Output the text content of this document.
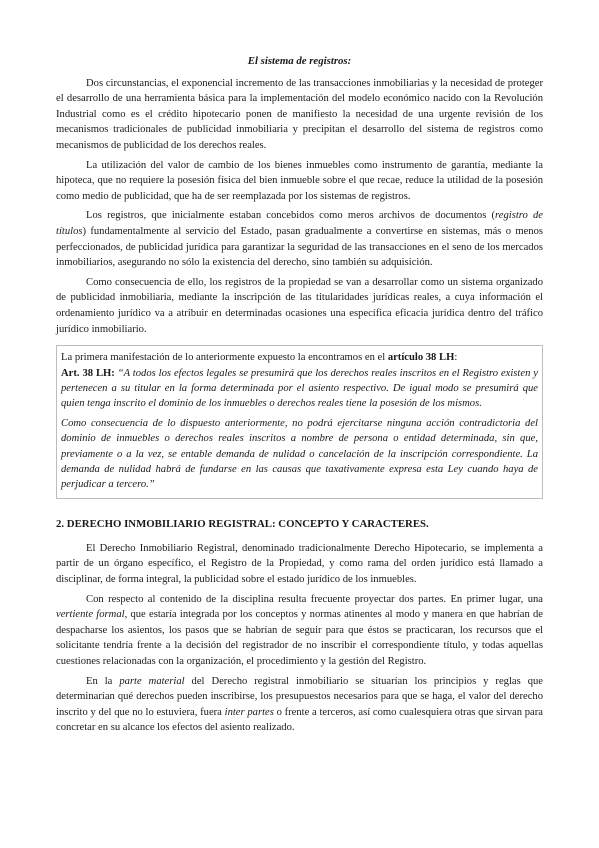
El sistema de registros:

Dos circunstancias, el exponencial incremento de las transacciones inmobiliarias y la necesidad de proteger el desarrollo de una herramienta básica para la implementación del modelo económico nacido con la Revolución Industrial como es el crédito hipotecario ponen de manifiesto la necesidad de una urgente revisión de los mecanismos tradicionales de publicidad inmobiliaria y precipitan el desarrollo del sistema de registros como mecanismos de publicidad de los derechos reales.

La utilización del valor de cambio de los bienes inmuebles como instrumento de garantía, mediante la hipoteca, que no requiere la posesión física del bien inmueble sobre el que recae, reduce la utilidad de la posesión como medio de publicidad, que ha de ser reemplazada por los sistemas de registros.

Los registros, que inicialmente estaban concebidos como meros archivos de documentos (registro de títulos) fundamentalmente al servicio del Estado, pasan gradualmente a convertirse en sistemas, más o menos perfeccionados, de publicidad jurídica para garantizar la seguridad de las transacciones en el seno de los mercados inmobiliarios, asegurando no sólo la existencia del derecho, sino también su adquisición.

Como consecuencia de ello, los registros de la propiedad se van a desarrollar como un sistema organizado de publicidad inmobiliaria, mediante la inscripción de las titularidades jurídicas reales, a cuya información el ordenamiento jurídico va a atribuir en determinadas ocasiones una específica eficacia jurídica dentro del tráfico jurídico inmobiliario.

La primera manifestación de lo anteriormente expuesto la encontramos en el artículo 38 LH:

Art. 38 LH: “A todos los efectos legales se presumirá que los derechos reales inscritos en el Registro existen y pertenecen a su titular en la forma determinada por el asiento respectivo. De igual modo se presumirá que quien tenga inscrito el dominio de los inmuebles o derechos reales tiene la posesión de los mismos.

Como consecuencia de lo dispuesto anteriormente, no podrá ejercitarse ninguna acción contradictoria del dominio de inmuebles o derechos reales inscritos a nombre de persona o entidad determinada, sin que, previamente o a la vez, se entable demanda de nulidad o cancelación de la inscripción correspondiente. La demanda de nulidad habrá de fundarse en las causas que taxativamente expresa esta Ley cuando haya de perjudicar a tercero.”

2. DERECHO INMOBILIARIO REGISTRAL: CONCEPTO Y CARACTERES.

El Derecho Inmobiliario Registral, denominado tradicionalmente Derecho Hipotecario, se implementa a partir de un órgano específico, el Registro de la Propiedad, y como rama del orden jurídico está llamado a disciplinar, de forma integral, la publicidad sobre el estado jurídico de los inmuebles.

Con respecto al contenido de la disciplina resulta frecuente proyectar dos partes. En primer lugar, una vertiente formal, que estaría integrada por los conceptos y normas atinentes al modo y manera en que habrían de despacharse los asientos, los pasos que se habrían de seguir para que éstos se practicaran, los recursos que el solicitante tendría frente a la decisión del registrador de no inscribir el correspondiente título, y todas aquellas cuestiones relacionadas con la organización, el procedimiento y la gestión del Registro.

En la parte material del Derecho registral inmobiliario se situarían los principios y reglas que determinarían qué derechos pueden inscribirse, los presupuestos necesarios para que se haga, el valor del derecho inscrito y del que no lo estuviera, fuera inter partes o frente a terceros, así como cualesquiera otras que sirvan para concretar en su alcance los efectos del asiento realizado.
